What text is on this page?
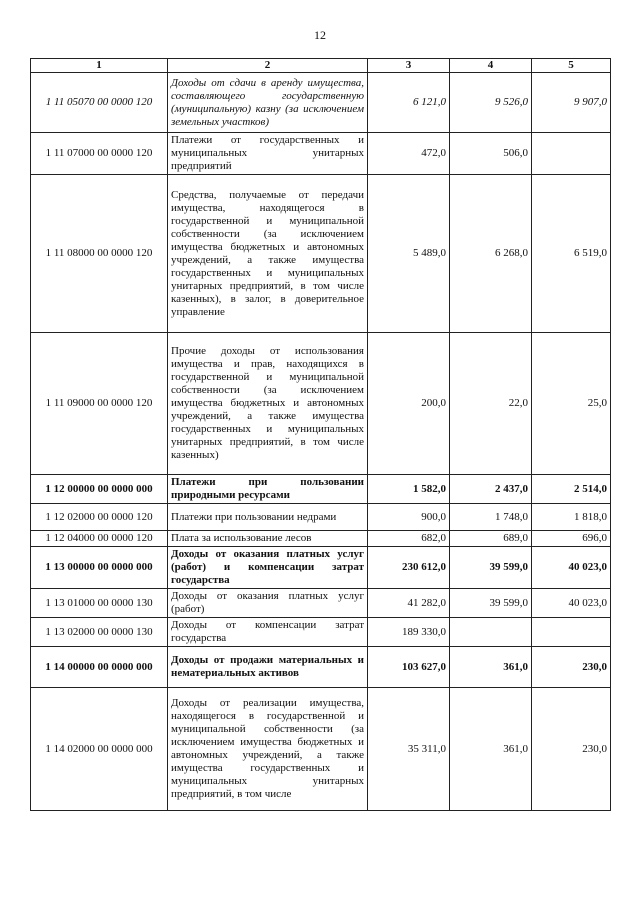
12
1	2	3	4	5
1 11 05070 00 0000 120	Доходы от сдачи в аренду имущества, составляющего государственную (муниципальную) казну (за исключением земельных участков)	6 121,0	9 526,0	9 907,0
1 11 07000 00 0000 120	Платежи от государственных и муниципальных унитарных предприятий	472,0	506,0	
1 11 08000 00 0000 120	Средства, получаемые от передачи имущества, находящегося в государственной и муниципальной собственности (за исключением имущества бюджетных и автономных учреждений, а также имущества государственных и муниципальных унитарных предприятий, в том числе казенных), в залог, в доверительное управление	5 489,0	6 268,0	6 519,0
1 11 09000 00 0000 120	Прочие доходы от использования имущества и прав, находящихся в государственной и муниципальной собственности (за исключением имущества бюджетных и автономных учреждений, а также имущества государственных и муниципальных унитарных предприятий, в том числе казенных)	200,0	22,0	25,0
1 12 00000 00 0000 000	Платежи при пользовании природными ресурсами	1 582,0	2 437,0	2 514,0
1 12 02000 00 0000 120	Платежи при пользовании недрами	900,0	1 748,0	1 818,0
1 12 04000 00 0000 120	Плата за использование лесов	682,0	689,0	696,0
1 13 00000 00 0000 000	Доходы от оказания платных услуг (работ) и компенсации затрат государства	230 612,0	39 599,0	40 023,0
1 13 01000 00 0000 130	Доходы от оказания платных услуг (работ)	41 282,0	39 599,0	40 023,0
1 13 02000 00 0000 130	Доходы от компенсации затрат государства	189 330,0		
1 14 00000 00 0000 000	Доходы от продажи материальных и нематериальных активов	103 627,0	361,0	230,0
1 14 02000 00 0000 000	Доходы от реализации имущества, находящегося в государственной и муниципальной собственности (за исключением имущества бюджетных и автономных учреждений, а также имущества государственных и муниципальных унитарных предприятий, в том числе	35 311,0	361,0	230,0
